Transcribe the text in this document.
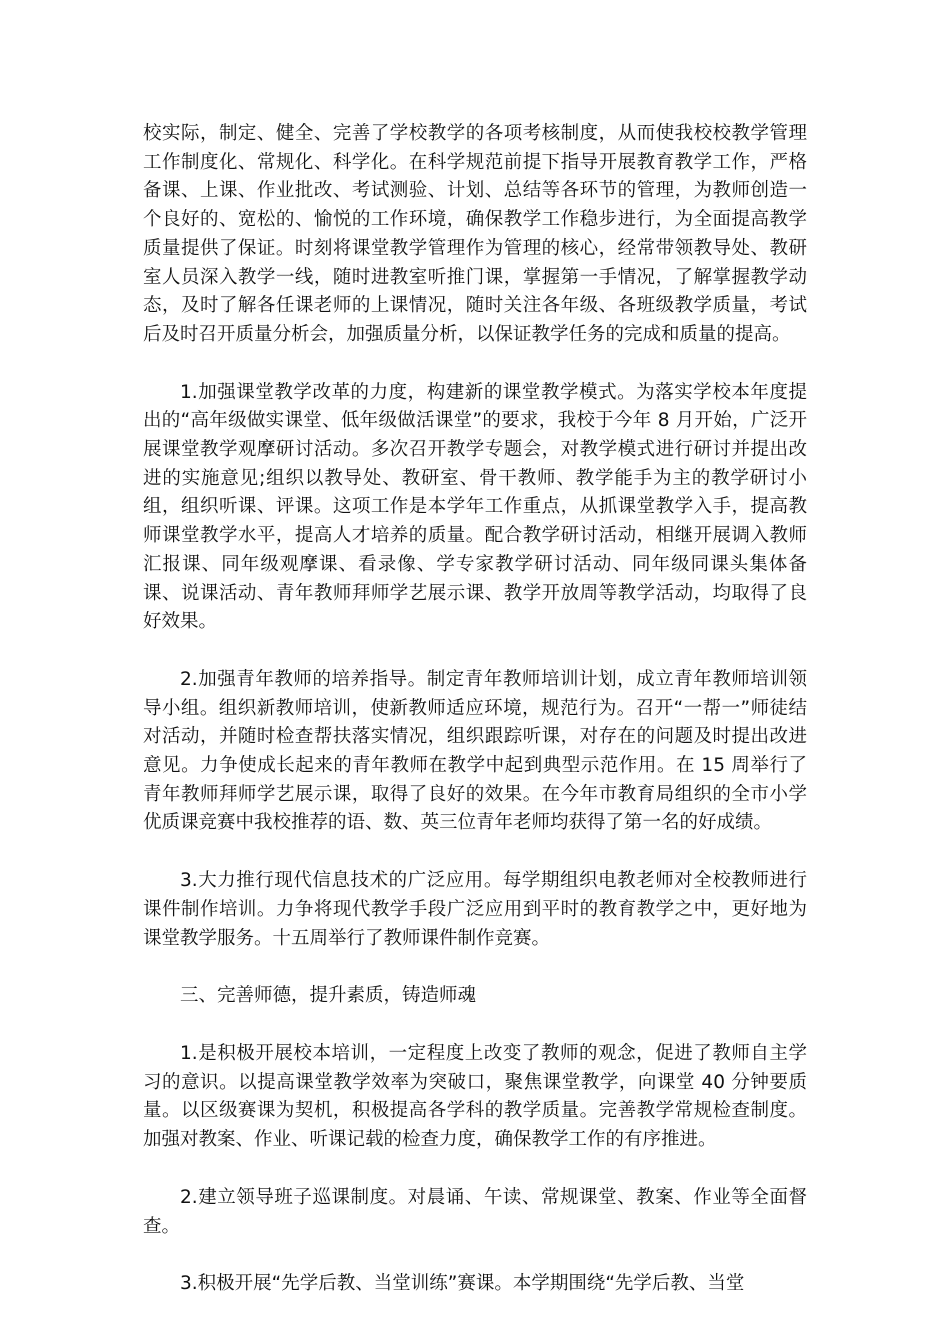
校实际，制定、健全、完善了学校教学的各项考核制度，从而使我校校教学管理工作制度化、常规化、科学化。在科学规范前提下指导开展教育教学工作，严格备课、上课、作业批改、考试测验、计划、总结等各环节的管理，为教师创造一个良好的、宽松的、愉悦的工作环境，确保教学工作稳步进行，为全面提高教学质量提供了保证。时刻将课堂教学管理作为管理的核心，经常带领教导处、教研室人员深入教学一线，随时进教室听推门课，掌握第一手情况，了解掌握教学动态，及时了解各任课老师的上课情况，随时关注各年级、各班级教学质量，考试后及时召开质量分析会，加强质量分析，以保证教学任务的完成和质量的提高。

1.加强课堂教学改革的力度，构建新的课堂教学模式。为落实学校本年度提出的“高年级做实课堂、低年级做活课堂”的要求，我校于今年 8 月开始，广泛开展课堂教学观摩研讨活动。多次召开教学专题会，对教学模式进行研讨并提出改进的实施意见;组织以教导处、教研室、骨干教师、教学能手为主的教学研讨小组，组织听课、评课。这项工作是本学年工作重点，从抓课堂教学入手，提高教师课堂教学水平，提高人才培养的质量。配合教学研讨活动，相继开展调入教师汇报课、同年级观摩课、看录像、学专家教学研讨活动、同年级同课头集体备课、说课活动、青年教师拜师学艺展示课、教学开放周等教学活动，均取得了良好效果。

2.加强青年教师的培养指导。制定青年教师培训计划，成立青年教师培训领导小组。组织新教师培训，使新教师适应环境，规范行为。召开“一帮一”师徒结对活动，并随时检查帮扶落实情况，组织跟踪听课，对存在的问题及时提出改进意见。力争使成长起来的青年教师在教学中起到典型示范作用。在 15 周举行了青年教师拜师学艺展示课，取得了良好的效果。在今年市教育局组织的全市小学优质课竞赛中我校推荐的语、数、英三位青年老师均获得了第一名的好成绩。

3.大力推行现代信息技术的广泛应用。每学期组织电教老师对全校教师进行课件制作培训。力争将现代教学手段广泛应用到平时的教育教学之中，更好地为课堂教学服务。十五周举行了教师课件制作竞赛。

三、完善师德，提升素质，铸造师魂

1.是积极开展校本培训，一定程度上改变了教师的观念，促进了教师自主学习的意识。以提高课堂教学效率为突破口，聚焦课堂教学，向课堂 40 分钟要质量。以区级赛课为契机，积极提高各学科的教学质量。完善教学常规检查制度。加强对教案、作业、听课记载的检查力度，确保教学工作的有序推进。

2.建立领导班子巡课制度。对晨诵、午读、常规课堂、教案、作业等全面督查。

3.积极开展“先学后教、当堂训练”赛课。本学期围绕“先学后教、当堂
